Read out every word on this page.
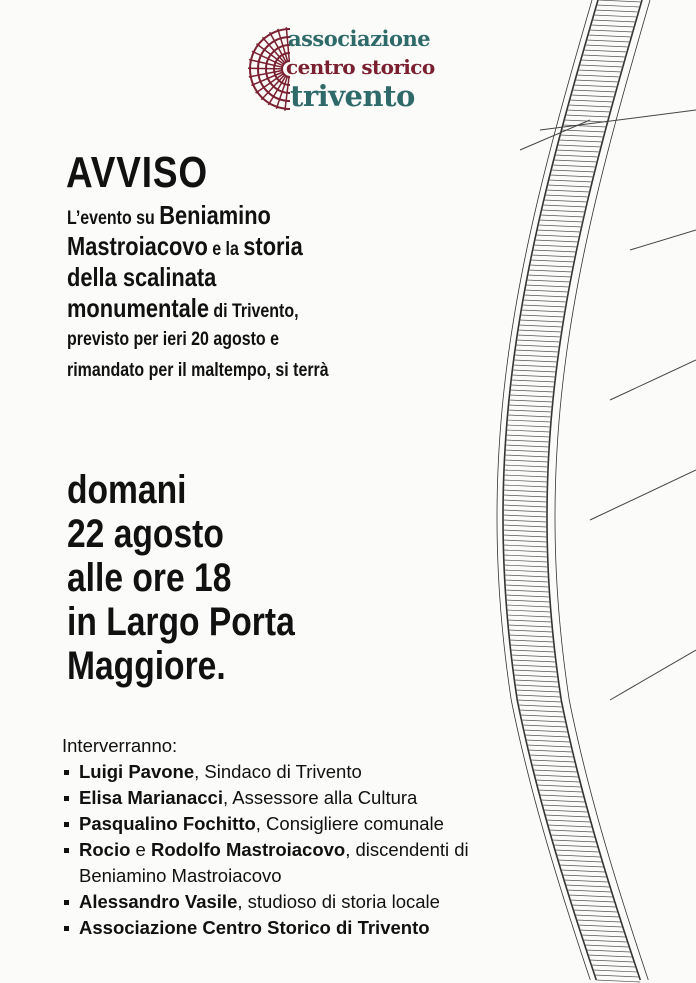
associazione
centro storico
trivento
AVVISO
L’evento su Beniamino
Mastroiacovo e la storia
della scalinata
monumentale di Trivento,
previsto per ieri 20 agosto e
rimandato per il maltempo, si terrà
domani
22 agosto
alle ore 18
in Largo Porta
Maggiore.
Interverranno:
Luigi Pavone, Sindaco di Trivento
Elisa Marianacci, Assessore alla Cultura
Pasqualino Fochitto, Consigliere comunale
Rocio e Rodolfo Mastroiacovo, discendenti di
Beniamino Mastroiacovo
Alessandro Vasile, studioso di storia locale
Associazione Centro Storico di Trivento
